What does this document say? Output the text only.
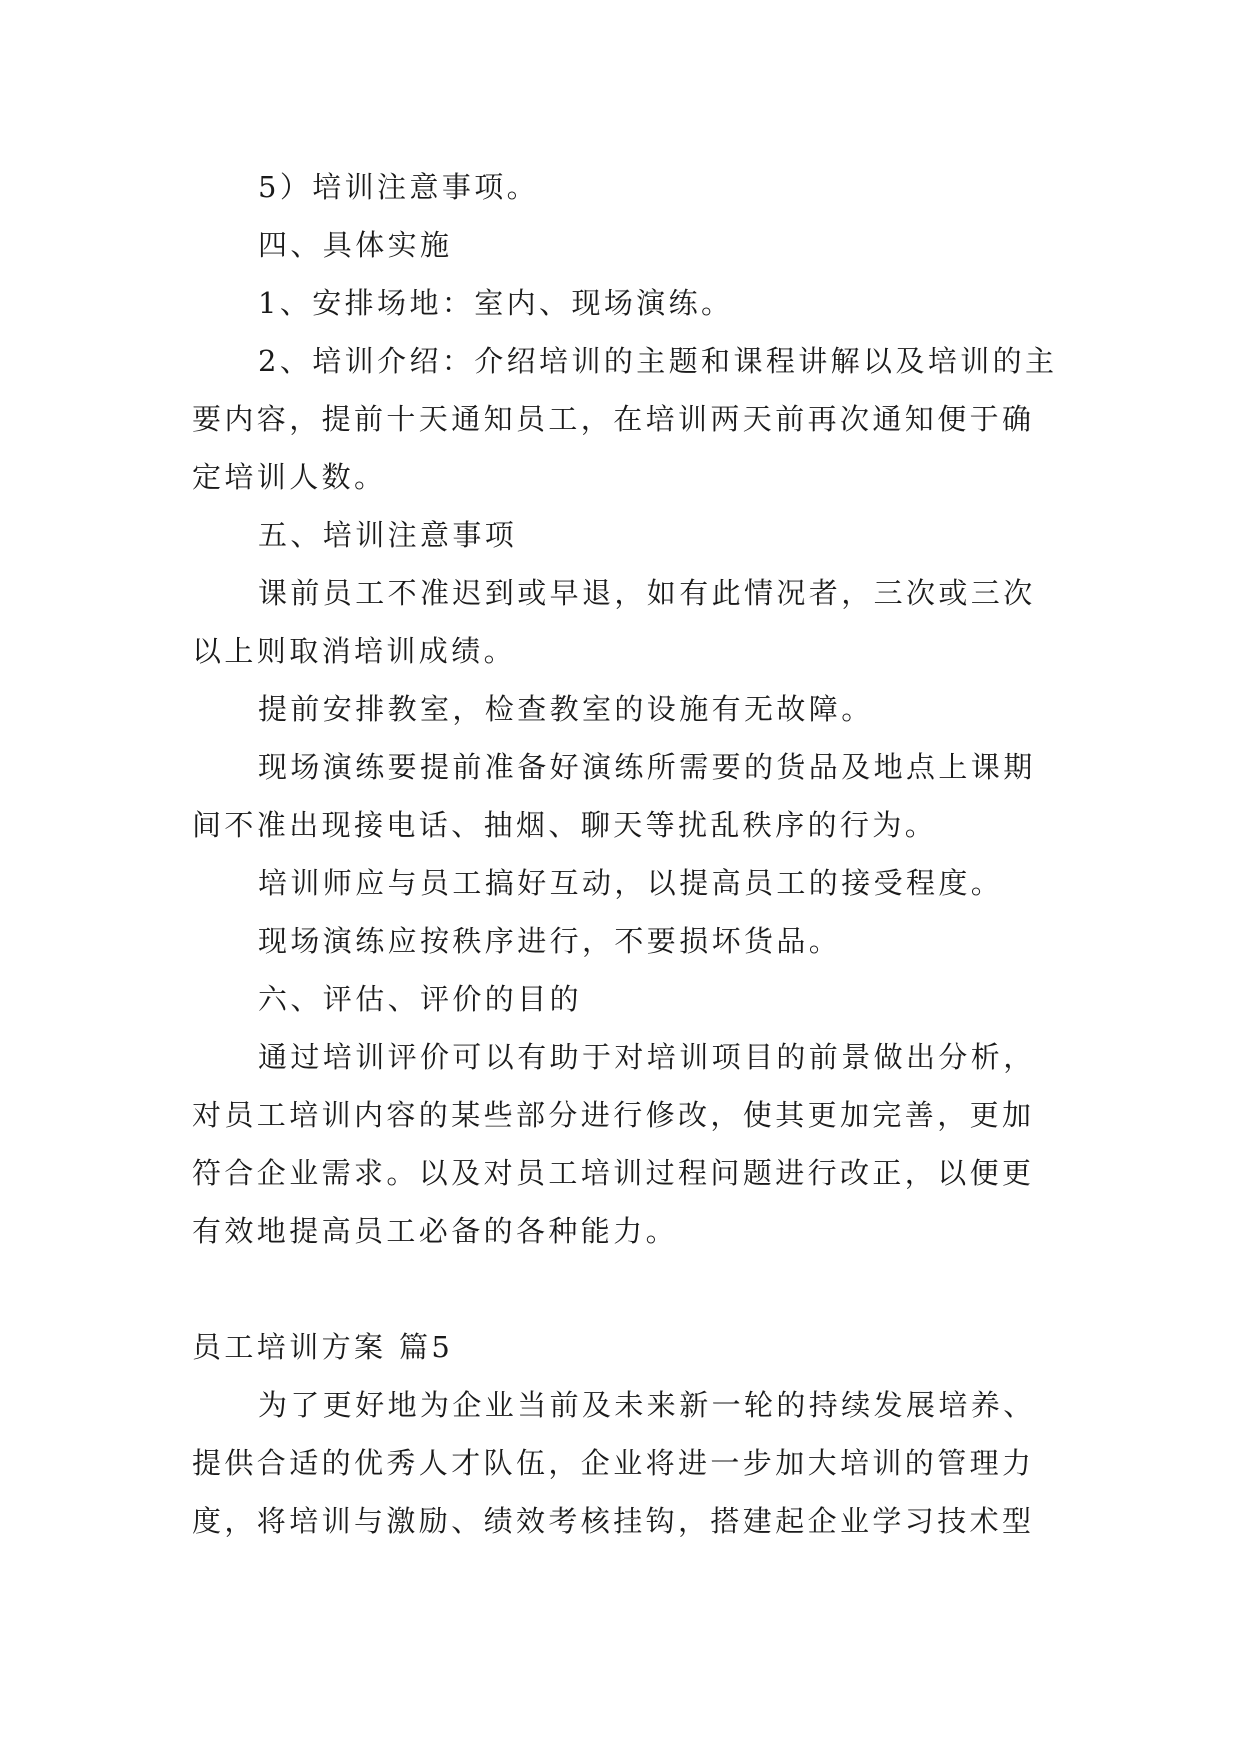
5）培训注意事项。

四、具体实施

1、安排场地：室内、现场演练。

2、培训介绍：介绍培训的主题和课程讲解以及培训的主要内容，提前十天通知员工，在培训两天前再次通知便于确定培训人数。

五、培训注意事项

课前员工不准迟到或早退，如有此情况者，三次或三次以上则取消培训成绩。

提前安排教室，检查教室的设施有无故障。

现场演练要提前准备好演练所需要的货品及地点上课期间不准出现接电话、抽烟、聊天等扰乱秩序的行为。

培训师应与员工搞好互动，以提高员工的接受程度。

现场演练应按秩序进行，不要损坏货品。

六、评估、评价的目的

通过培训评价可以有助于对培训项目的前景做出分析，对员工培训内容的某些部分进行修改，使其更加完善，更加符合企业需求。以及对员工培训过程问题进行改正，以便更有效地提高员工必备的各种能力。

员工培训方案 篇5

为了更好地为企业当前及未来新一轮的持续发展培养、提供合适的优秀人才队伍，企业将进一步加大培训的管理力度，将培训与激励、绩效考核挂钩，搭建起企业学习技术型
